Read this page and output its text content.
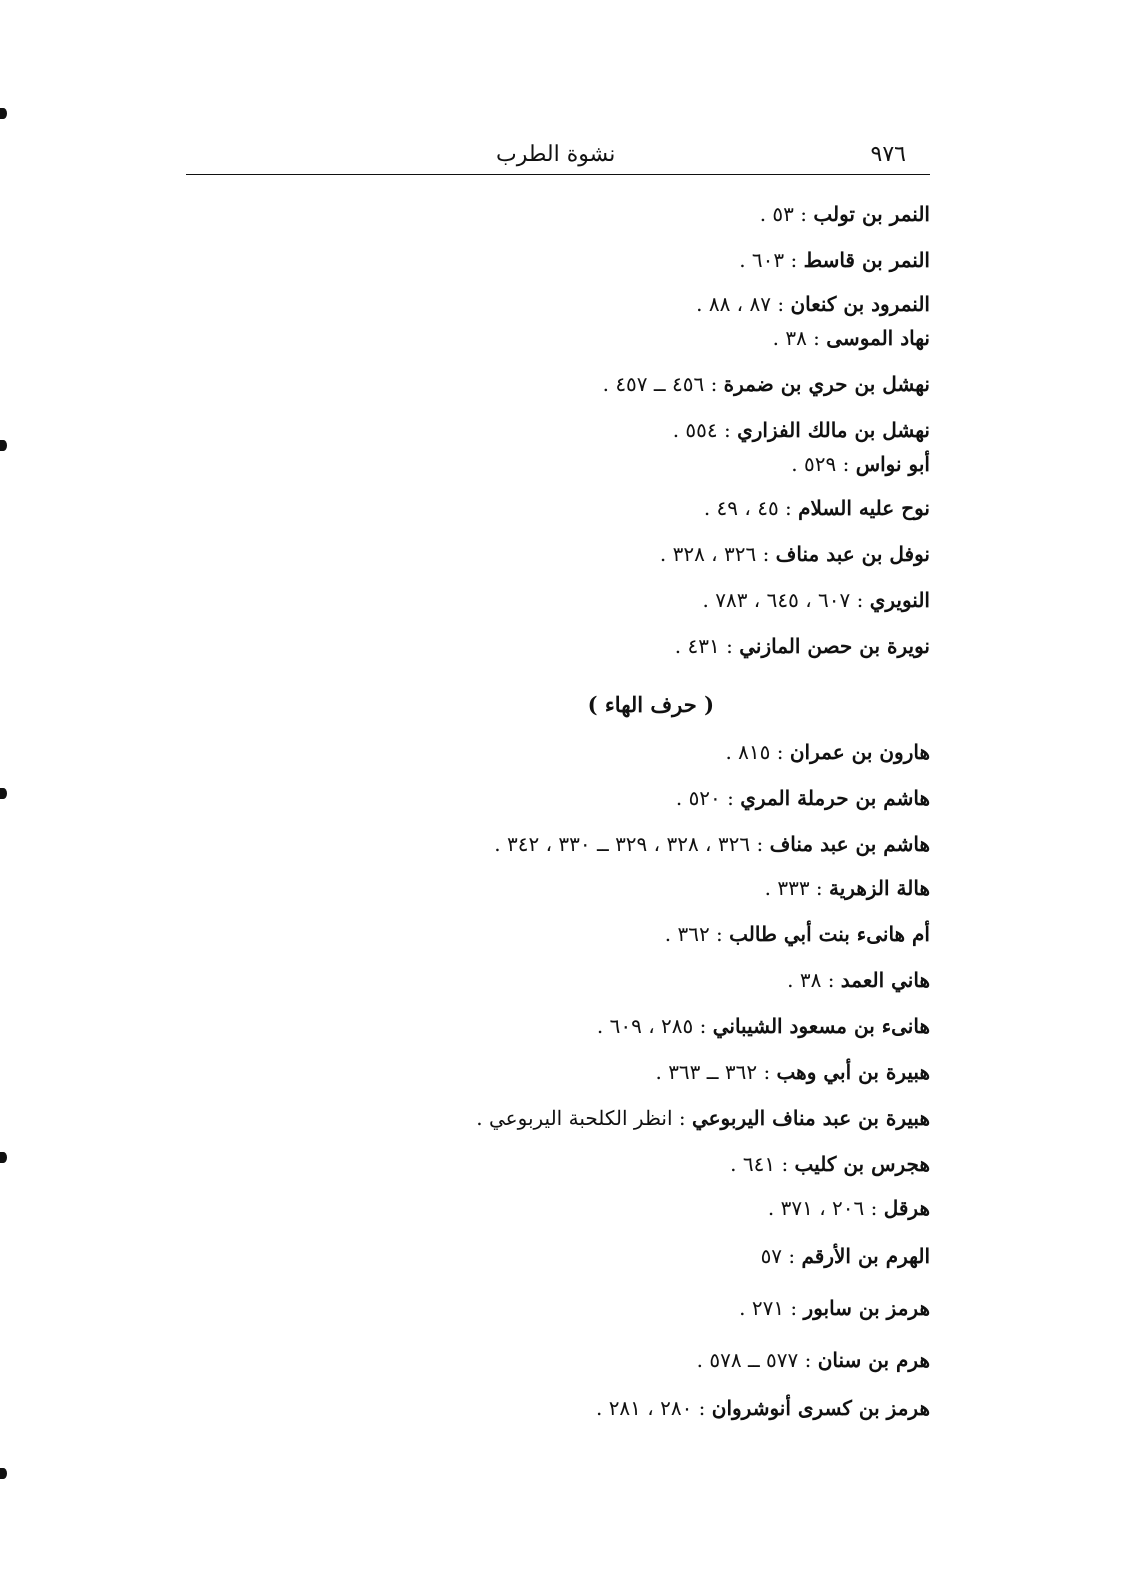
٩٧٦
نشوة الطرب
النمر بن تولب : ٥٣ .
النمر بن قاسط : ٦٠٣ .
النمرود بن كنعان : ٨٧ ، ٨٨ .
نهاد الموسى : ٣٨ .
نهشل بن حري بن ضمرة : ٤٥٦ ــ ٤٥٧ .
نهشل بن مالك الفزاري : ٥٥٤ .
أبو نواس : ٥٢٩ .
نوح عليه السلام : ٤٥ ، ٤٩ .
نوفل بن عبد مناف : ٣٢٦ ، ٣٢٨ .
النويري : ٦٠٧ ، ٦٤٥ ، ٧٨٣ .
نويرة بن حصن المازني : ٤٣١ .
هارون بن عمران : ٨١٥ .
هاشم بن حرملة المري : ٥٢٠ .
هاشم بن عبد مناف : ٣٢٦ ، ٣٢٨ ، ٣٢٩ ــ ٣٣٠ ، ٣٤٢ .
هالة الزهرية : ٣٣٣ .
أم هانىء بنت أبي طالب : ٣٦٢ .
هاني العمد : ٣٨ .
هانىء بن مسعود الشيباني : ٢٨٥ ، ٦٠٩ .
هبيرة بن أبي وهب : ٣٦٢ ــ ٣٦٣ .
هبيرة بن عبد مناف اليربوعي : انظر الكلحبة اليربوعي .
هجرس بن كليب : ٦٤١ .
هرقل : ٢٠٦ ، ٣٧١ .
الهرم بن الأرقم : ٥٧
هرمز بن سابور : ٢٧١ .
هرم بن سنان : ٥٧٧ ــ ٥٧٨ .
هرمز بن كسرى أنوشروان : ٢٨٠ ، ٢٨١ .
( حرف الهاء )
